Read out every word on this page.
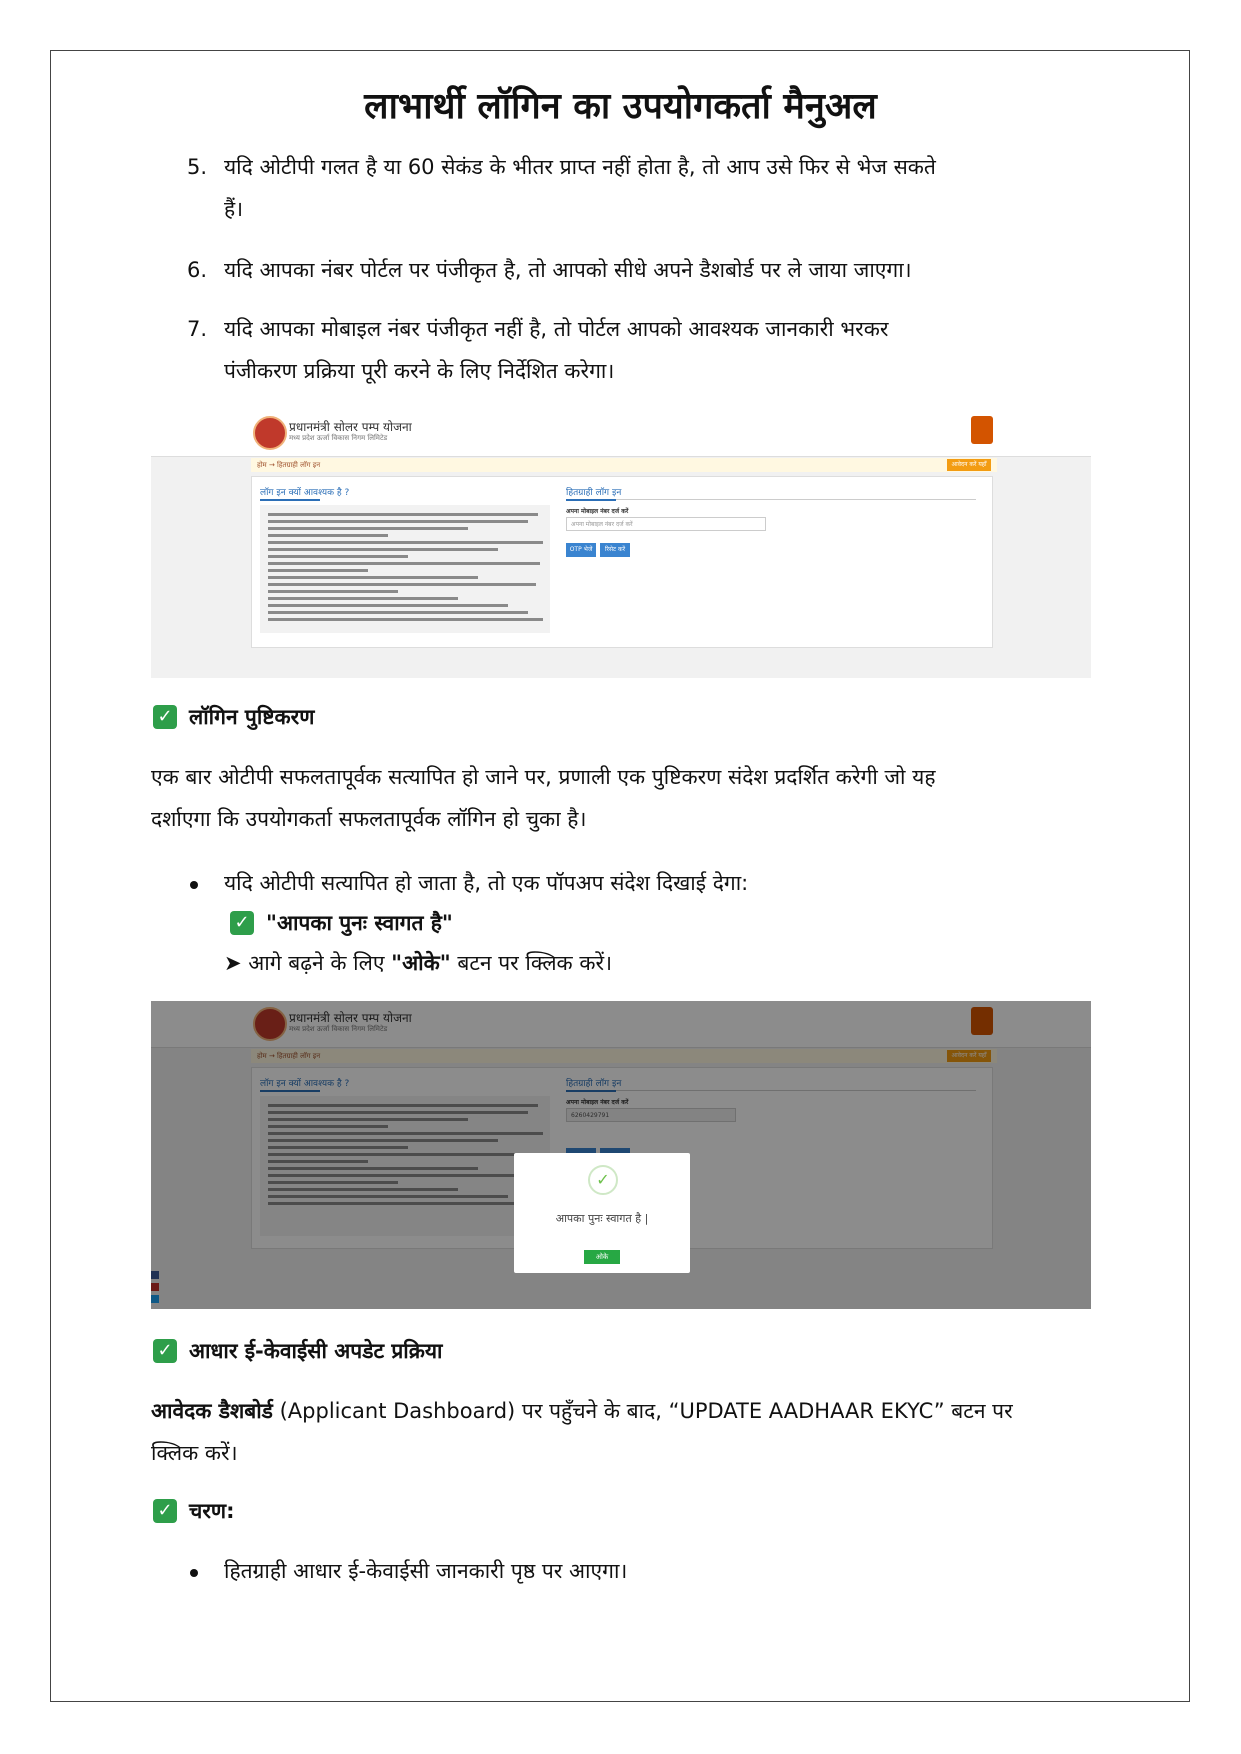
लाभार्थी लॉगिन का उपयोगकर्ता मैनुअल
5. यदि ओटीपी गलत है या 60 सेकंड के भीतर प्राप्त नहीं होता है, तो आप उसे फिर से भेज सकते
हैं।
6. यदि आपका नंबर पोर्टल पर पंजीकृत है, तो आपको सीधे अपने डैशबोर्ड पर ले जाया जाएगा।
7. यदि आपका मोबाइल नंबर पंजीकृत नहीं है, तो पोर्टल आपको आवश्यक जानकारी भरकर
पंजीकरण प्रक्रिया पूरी करने के लिए निर्देशित करेगा।
प्रधानमंत्री सोलर पम्प योजना
मध्य प्रदेश ऊर्जा विकास निगम लिमिटेड
होम → हितग्राही लॉग इन	आवेदन करें यहाँ
लॉग इन क्यों आवश्यक है ?	हितग्राही लॉग इन
अपना मोबाइल नंबर दर्ज करें
अपना मोबाइल नंबर दर्ज करें
OTP भेजें	रिसेट करें
✓ लॉगिन पुष्टिकरण
एक बार ओटीपी सफलतापूर्वक सत्यापित हो जाने पर, प्रणाली एक पुष्टिकरण संदेश प्रदर्शित करेगी जो यह
दर्शाएगा कि उपयोगकर्ता सफलतापूर्वक लॉगिन हो चुका है।
यदि ओटीपी सत्यापित हो जाता है, तो एक पॉपअप संदेश दिखाई देगा:
✓ "आपका पुनः स्वागत है"
➤ आगे बढ़ने के लिए "ओके" बटन पर क्लिक करें।
प्रधानमंत्री सोलर पम्प योजना
मध्य प्रदेश ऊर्जा विकास निगम लिमिटेड
होम → हितग्राही लॉग इन	आवेदन करें यहाँ
लॉग इन क्यों आवश्यक है ?	हितग्राही लॉग इन
अपना मोबाइल नंबर दर्ज करें
6260429791
✓
आपका पुनः स्वागत है |
ओके
✓ आधार ई-केवाईसी अपडेट प्रक्रिया
आवेदक डैशबोर्ड (Applicant Dashboard) पर पहुँचने के बाद, “UPDATE AADHAAR EKYC” बटन पर
क्लिक करें।
✓ चरण:
हितग्राही आधार ई-केवाईसी जानकारी पृष्ठ पर आएगा।
